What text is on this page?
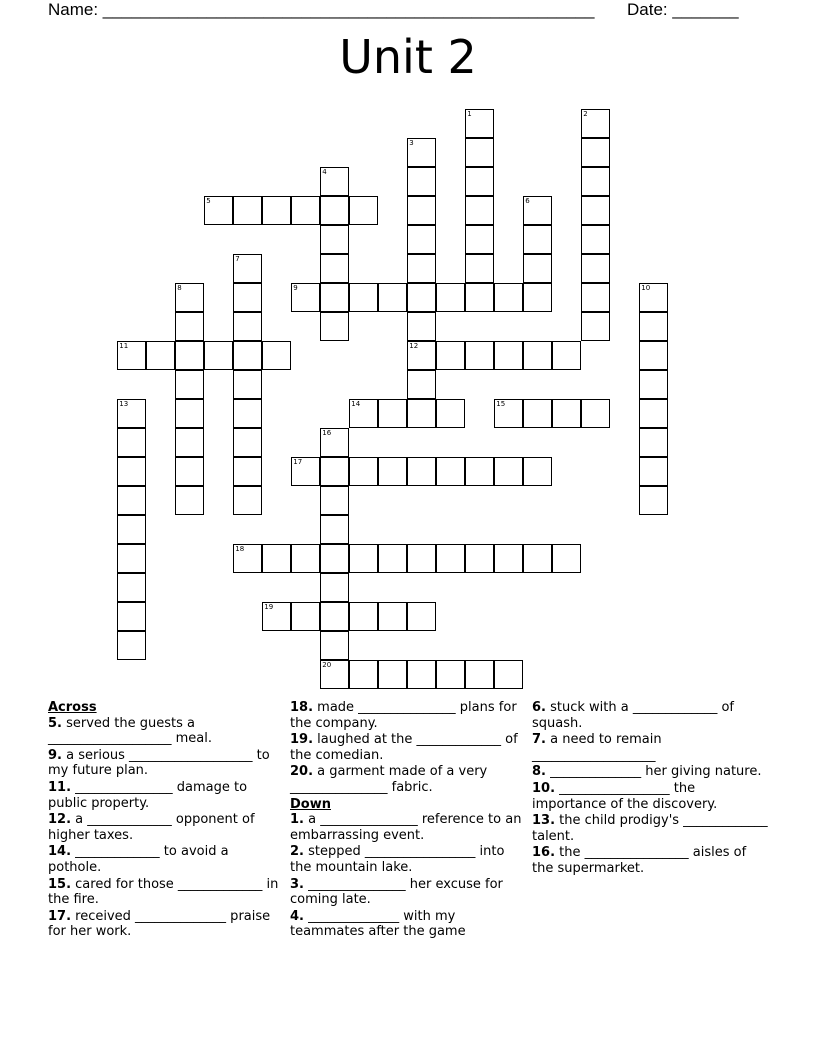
Name: ____________________________________________________ Date: _______
Unit 2
1	2
3
12
4
5	6
7
8	9	10
11
13	14	15
16
20
17
18
19
Across
5. served the guests a ___________________ meal.
9. a serious ___________________ to my future plan.
11. _______________ damage to public property.
12. a _____________ opponent of higher taxes.
14. _____________ to avoid a pothole.
15. cared for those _____________ in the fire.
17. received ______________ praise for her work.
18. made _______________ plans for the company.
19. laughed at the _____________ of the comedian.
20. a garment made of a very _______________ fabric.
Down
1. a _______________ reference to an embarrassing event.
2. stepped _________________ into the mountain lake.
3. _______________ her excuse for coming late.
4. ______________ with my teammates after the game
6. stuck with a _____________ of squash.
7. a need to remain ___________________
8. ______________ her giving nature.
10. _________________ the importance of the discovery.
13. the child prodigy's _____________ talent.
16. the ________________ aisles of the supermarket.
